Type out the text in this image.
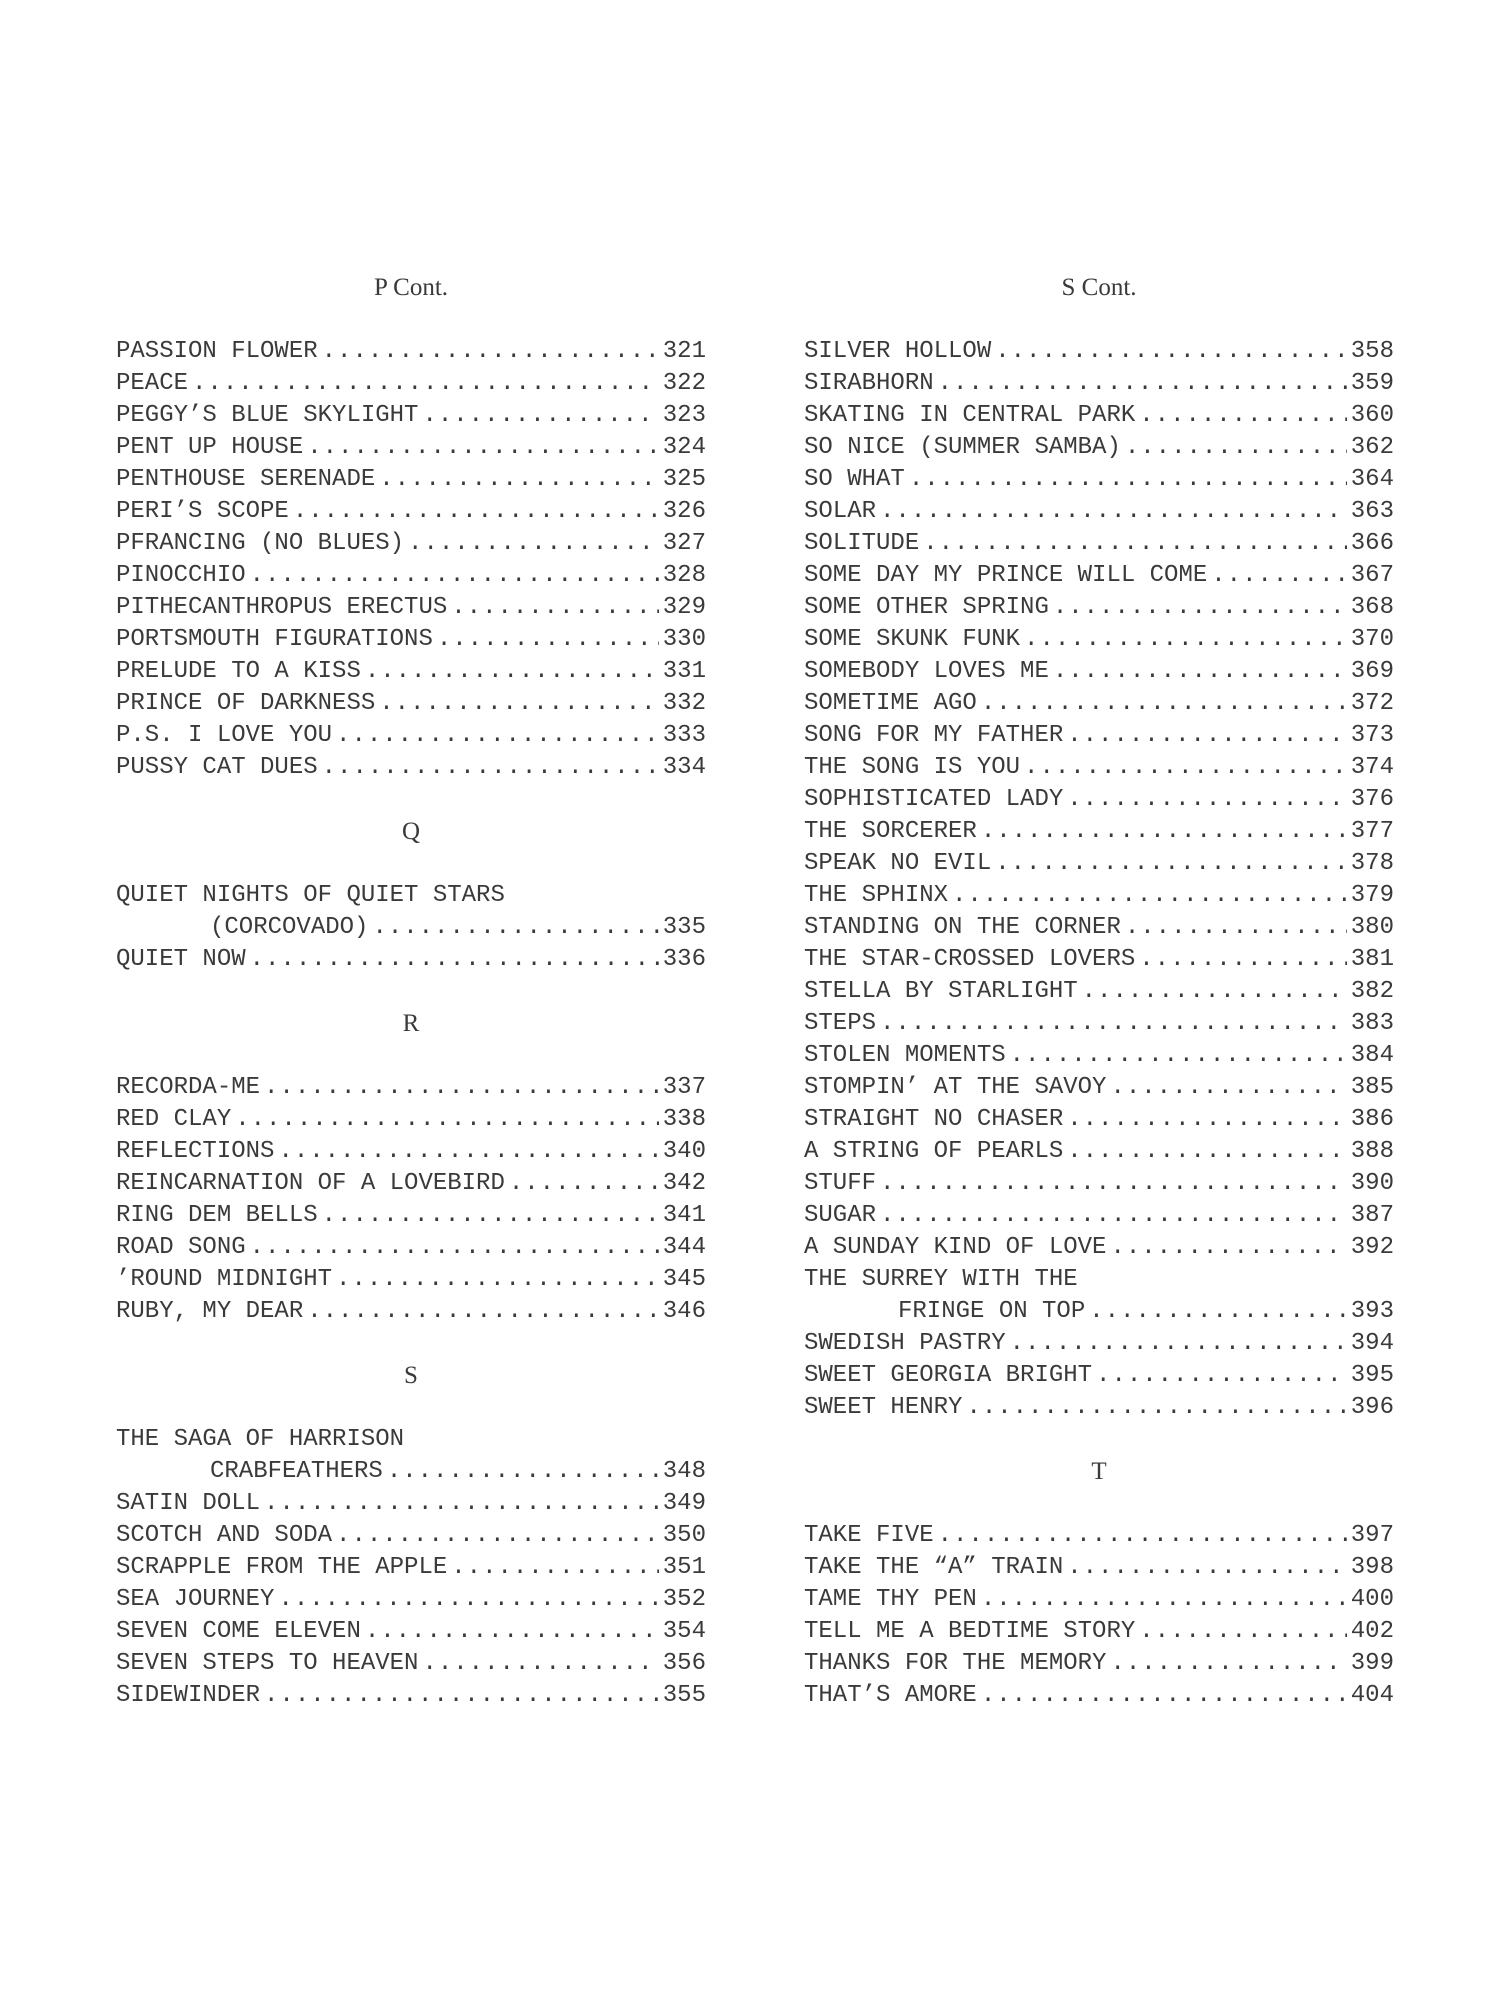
P Cont.
PASSION FLOWER .....	321
PEACE .....	322
PEGGY’S BLUE SKYLIGHT .....	323
PENT UP HOUSE .....	324
PENTHOUSE SERENADE .....	325
PERI’S SCOPE .....	326
PFRANCING (NO BLUES) .....	327
PINOCCHIO .....	328
PITHECANTHROPUS ERECTUS .....	329
PORTSMOUTH FIGURATIONS .....	330
PRELUDE TO A KISS .....	331
PRINCE OF DARKNESS .....	332
P.S. I LOVE YOU .....	333
PUSSY CAT DUES .....	334
Q
QUIET NIGHTS OF QUIET STARS
(CORCOVADO) .....	335
QUIET NOW .....	336
R
RECORDA-ME .....	337
RED CLAY .....	338
REFLECTIONS .....	340
REINCARNATION OF A LOVEBIRD .....	342
RING DEM BELLS .....	341
ROAD SONG .....	344
’ROUND MIDNIGHT .....	345
RUBY, MY DEAR .....	346
S
THE SAGA OF HARRISON
CRABFEATHERS .....	348
SATIN DOLL .....	349
SCOTCH AND SODA .....	350
SCRAPPLE FROM THE APPLE .....	351
SEA JOURNEY .....	352
SEVEN COME ELEVEN .....	354
SEVEN STEPS TO HEAVEN .....	356
SIDEWINDER .....	355
S Cont.
SILVER HOLLOW .....	358
SIRABHORN .....	359
SKATING IN CENTRAL PARK .....	360
SO NICE (SUMMER SAMBA) .....	362
SO WHAT .....	364
SOLAR .....	363
SOLITUDE .....	366
SOME DAY MY PRINCE WILL COME .....	367
SOME OTHER SPRING .....	368
SOME SKUNK FUNK .....	370
SOMEBODY LOVES ME .....	369
SOMETIME AGO .....	372
SONG FOR MY FATHER .....	373
THE SONG IS YOU .....	374
SOPHISTICATED LADY .....	376
THE SORCERER .....	377
SPEAK NO EVIL .....	378
THE SPHINX .....	379
STANDING ON THE CORNER .....	380
THE STAR-CROSSED LOVERS .....	381
STELLA BY STARLIGHT .....	382
STEPS .....	383
STOLEN MOMENTS .....	384
STOMPIN’ AT THE SAVOY .....	385
STRAIGHT NO CHASER .....	386
A STRING OF PEARLS .....	388
STUFF .....	390
SUGAR .....	387
A SUNDAY KIND OF LOVE .....	392
THE SURREY WITH THE
FRINGE ON TOP .....	393
SWEDISH PASTRY .....	394
SWEET GEORGIA BRIGHT .....	395
SWEET HENRY .....	396
T
TAKE FIVE .....	397
TAKE THE “A” TRAIN .....	398
TAME THY PEN .....	400
TELL ME A BEDTIME STORY .....	402
THANKS FOR THE MEMORY .....	399
THAT’S AMORE .....	404
